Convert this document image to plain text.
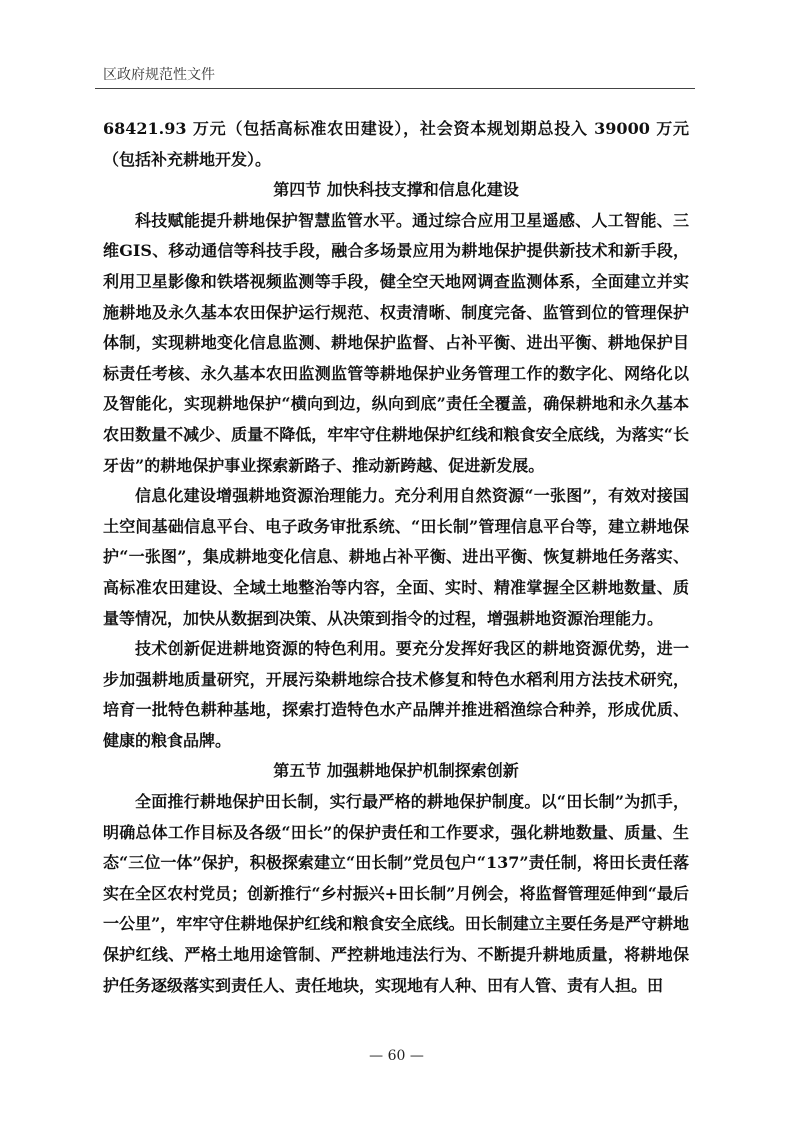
区政府规范性文件

68421.93 万元（包括高标准农田建设），社会资本规划期总投入 39000 万元（包括补充耕地开发）。

第四节 加快科技支撑和信息化建设

科技赋能提升耕地保护智慧监管水平。通过综合应用卫星遥感、人工智能、三维GIS、移动通信等科技手段，融合多场景应用为耕地保护提供新技术和新手段，利用卫星影像和铁塔视频监测等手段，健全空天地网调查监测体系，全面建立并实施耕地及永久基本农田保护运行规范、权责清晰、制度完备、监管到位的管理保护体制，实现耕地变化信息监测、耕地保护监督、占补平衡、进出平衡、耕地保护目标责任考核、永久基本农田监测监管等耕地保护业务管理工作的数字化、网络化以及智能化，实现耕地保护“横向到边，纵向到底”责任全覆盖，确保耕地和永久基本农田数量不减少、质量不降低，牢牢守住耕地保护红线和粮食安全底线，为落实“长牙齿”的耕地保护事业探索新路子、推动新跨越、促进新发展。

信息化建设增强耕地资源治理能力。充分利用自然资源“一张图”，有效对接国土空间基础信息平台、电子政务审批系统、“田长制”管理信息平台等，建立耕地保护“一张图”，集成耕地变化信息、耕地占补平衡、进出平衡、恢复耕地任务落实、高标准农田建设、全域土地整治等内容，全面、实时、精准掌握全区耕地数量、质量等情况，加快从数据到决策、从决策到指令的过程，增强耕地资源治理能力。

技术创新促进耕地资源的特色利用。要充分发挥好我区的耕地资源优势，进一步加强耕地质量研究，开展污染耕地综合技术修复和特色水稻利用方法技术研究，培育一批特色耕种基地，探索打造特色水产品牌并推进稻渔综合种养，形成优质、健康的粮食品牌。

第五节 加强耕地保护机制探索创新

全面推行耕地保护田长制，实行最严格的耕地保护制度。以“田长制”为抓手，明确总体工作目标及各级“田长”的保护责任和工作要求，强化耕地数量、质量、生态“三位一体”保护，积极探索建立“田长制”党员包户“137”责任制，将田长责任落实在全区农村党员；创新推行“乡村振兴+田长制”月例会，将监督管理延伸到“最后一公里”，牢牢守住耕地保护红线和粮食安全底线。田长制建立主要任务是严守耕地保护红线、严格土地用途管制、严控耕地违法行为、不断提升耕地质量，将耕地保护任务逐级落实到责任人、责任地块，实现地有人种、田有人管、责有人担。田

— 60 —
